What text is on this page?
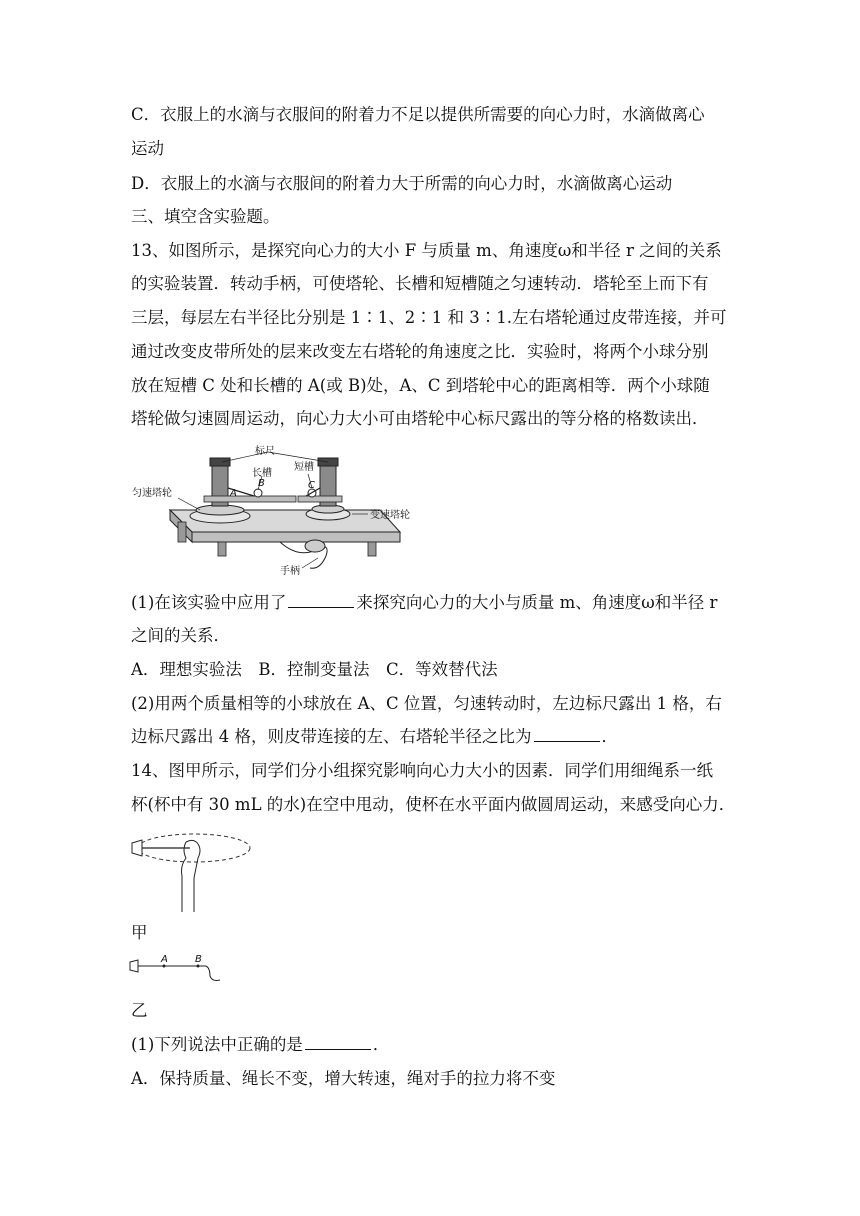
C．衣服上的水滴与衣服间的附着力不足以提供所需要的向心力时，水滴做离心
运动
D．衣服上的水滴与衣服间的附着力大于所需的向心力时，水滴做离心运动
三、填空含实验题。
13、如图所示，是探究向心力的大小 F 与质量 m、角速度ω和半径 r 之间的关系
的实验装置．转动手柄，可使塔轮、长槽和短槽随之匀速转动．塔轮至上而下有
三层，每层左右半径比分别是 1∶1、2∶1 和 3∶1.左右塔轮通过皮带连接，并可
通过改变皮带所处的层来改变左右塔轮的角速度之比．实验时，将两个小球分别
放在短槽 C 处和长槽的 A(或 B)处，A、C 到塔轮中心的距离相等．两个小球随
塔轮做匀速圆周运动，向心力大小可由塔轮中心标尺露出的等分格的格数读出．
标尺
长槽
短槽
匀速塔轮
变速塔轮
手柄
A
B	C
(1)在该实验中应用了	来探究向心力的大小与质量 m、角速度ω和半径 r
之间的关系．
A．理想实验法　B．控制变量法　C．等效替代法
(2)用两个质量相等的小球放在 A、C 位置，匀速转动时，左边标尺露出 1 格，右
边标尺露出 4 格，则皮带连接的左、右塔轮半径之比为	．
14、图甲所示，同学们分小组探究影响向心力大小的因素．同学们用细绳系一纸
杯(杯中有 30 mL 的水)在空中甩动，使杯在水平面内做圆周运动，来感受向心力．
甲
A	B
乙
(1)下列说法中正确的是	．
A．保持质量、绳长不变，增大转速，绳对手的拉力将不变
